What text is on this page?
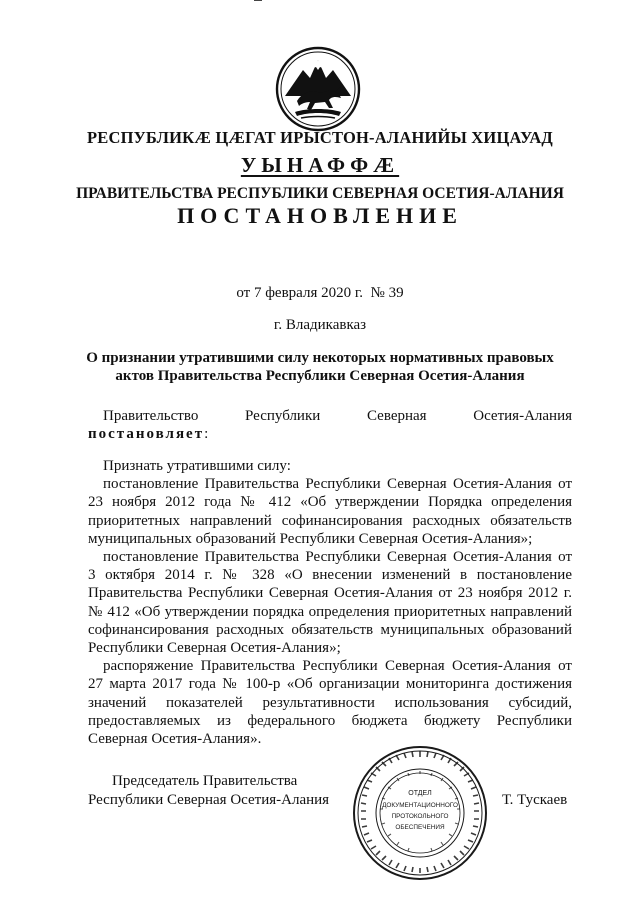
РЕСПУБЛИКӔ ЦӔГАТ ИРЫСТОН-АЛАНИЙЫ ХИЦАУАД
УЫНАФФӔ
ПРАВИТЕЛЬСТВА РЕСПУБЛИКИ СЕВЕРНАЯ ОСЕТИЯ-АЛАНИЯ
ПОСТАНОВЛЕНИЕ
от 7 февраля 2020 г.  № 39
г. Владикавказ
О признании утратившими силу некоторых нормативных правовых
актов Правительства Республики Северная Осетия-Алания
Правительство      Республики      Северная      Осетия-Алания
постановляет:
Признать утратившими силу:
постановление Правительства Республики Северная Осетия-Алания от
23 ноября 2012 года № 412 «Об утверждении Порядка определения
приоритетных направлений софинансирования расходных обязательств
муниципальных образований Республики Северная Осетия-Алания»;
постановление Правительства Республики Северная Осетия-Алания от
3 октября 2014 г. № 328 «О внесении изменений в постановление
Правительства Республики Северная Осетия-Алания от 23 ноября 2012 г.
№ 412 «Об утверждении порядка определения приоритетных направлений
софинансирования расходных обязательств муниципальных образований
Республики Северная Осетия-Алания»;
распоряжение Правительства Республики Северная Осетия-Алания от
27 марта 2017 года № 100-р «Об организации мониторинга достижения
значений показателей результативности использования субсидий,
предоставляемых из федерального бюджета бюджету Республики
Северная Осетия-Алания».
Председатель Правительства
Республики Северная Осетия-Алания	ОТДЕЛ
ДОКУМЕНТАЦИОННОГО
ПРОТОКОЛЬНОГО
ОБЕСПЕЧЕНИЯ
Т. Тускаев
